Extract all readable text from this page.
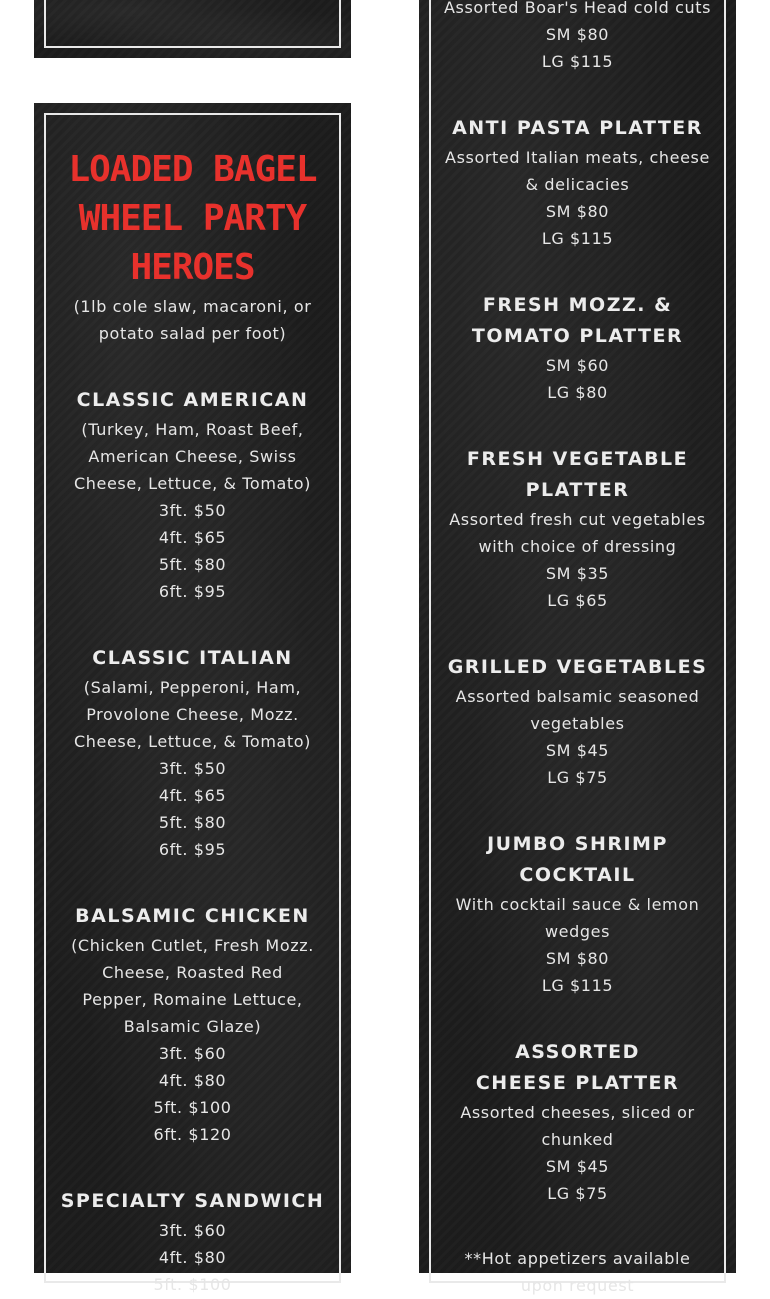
LOADED BAGEL WHEEL PARTY HEROES

(1lb cole slaw, macaroni, or potato salad per foot)

CLASSIC AMERICAN

(Turkey, Ham, Roast Beef, American Cheese, Swiss Cheese, Lettuce, & Tomato)

3ft. $50

4ft. $65

5ft. $80

6ft. $95

CLASSIC ITALIAN

(Salami, Pepperoni, Ham, Provolone Cheese, Mozz. Cheese, Lettuce, & Tomato)

3ft. $50

4ft. $65

5ft. $80

6ft. $95

BALSAMIC CHICKEN

(Chicken Cutlet, Fresh Mozz. Cheese, Roasted Red Pepper, Romaine Lettuce, Balsamic Glaze)

3ft. $60

4ft. $80

5ft. $100

6ft. $120

SPECIALTY SANDWICH

3ft. $60

4ft. $80

5ft. $100

Assorted Boar's Head cold cuts

SM $80

LG $115

ANTI PASTA PLATTER

Assorted Italian meats, cheese & delicacies

SM $80

LG $115

FRESH MOZZ. & TOMATO PLATTER

SM $60

LG $80

FRESH VEGETABLE PLATTER

Assorted fresh cut vegetables with choice of dressing

SM $35

LG $65

GRILLED VEGETABLES

Assorted balsamic seasoned vegetables

SM $45

LG $75

JUMBO SHRIMP COCKTAIL

With cocktail sauce & lemon wedges

SM $80

LG $115

ASSORTED CHEESE PLATTER

Assorted cheeses, sliced or chunked

SM $45

LG $75

**Hot appetizers available upon request
